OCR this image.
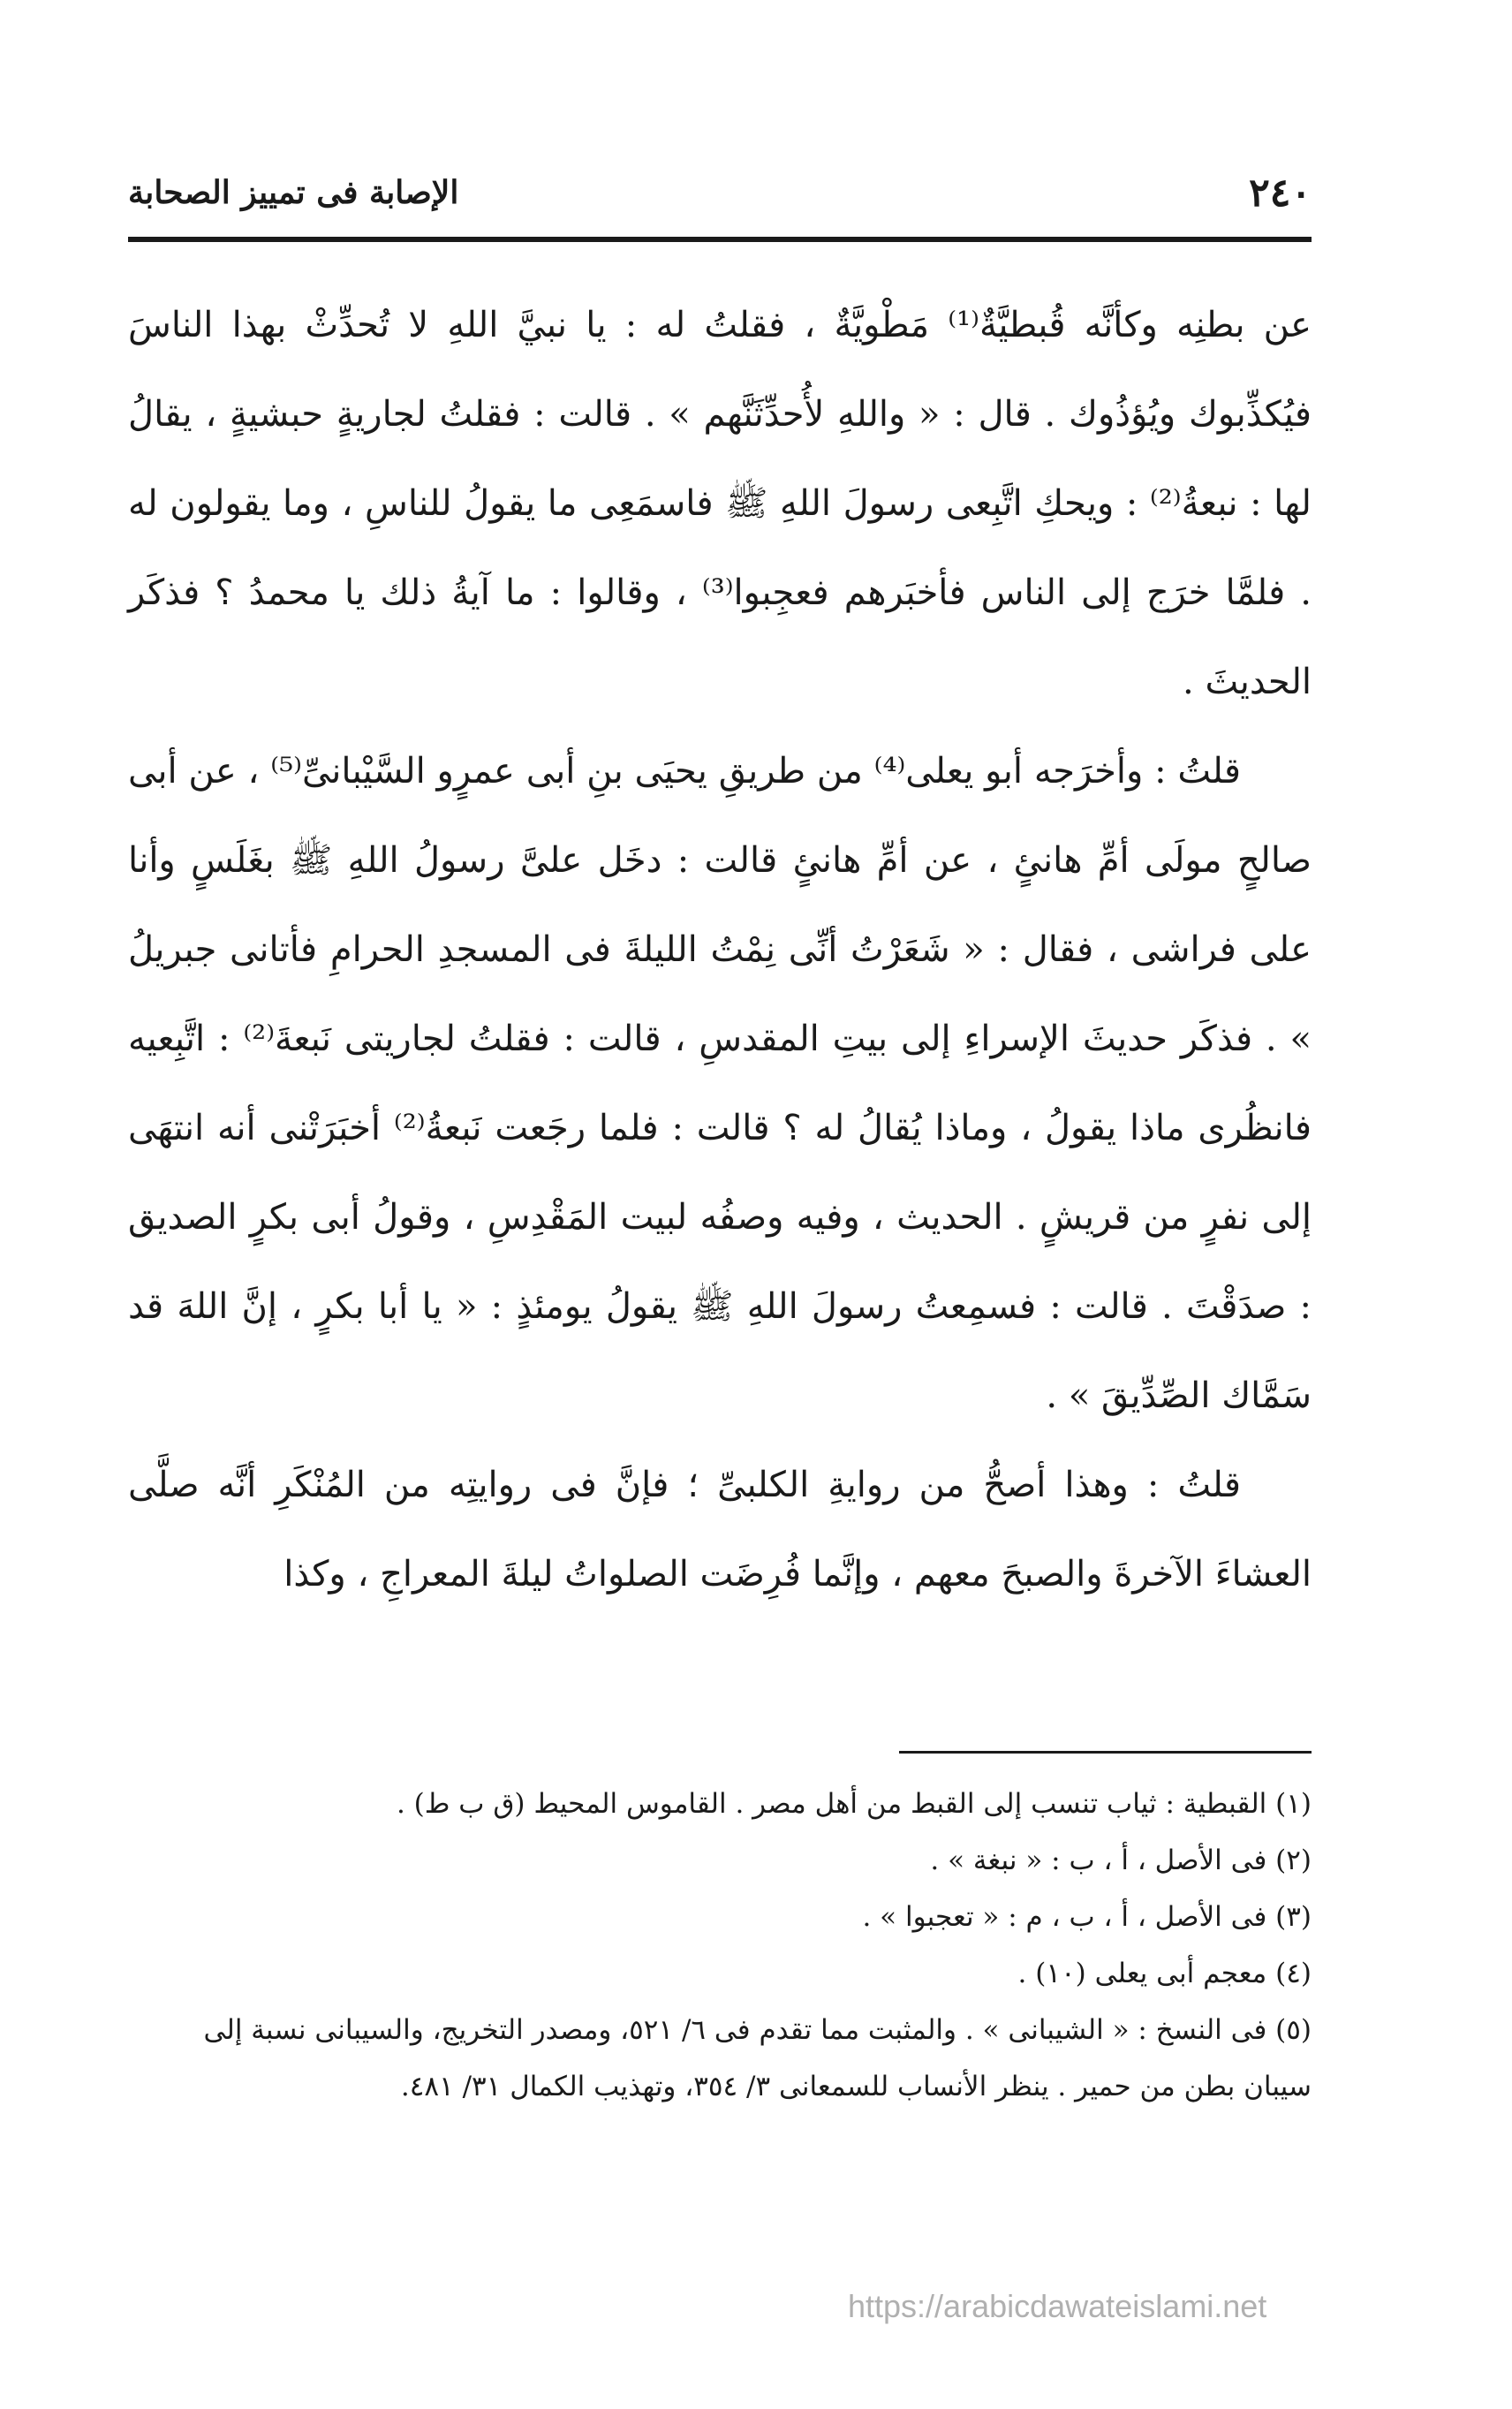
٢٤٠
الإصابة فى تمييز الصحابة

عن بطنِه وكأنَّه قُبطيَّةٌ⁽¹⁾ مَطْويَّةٌ ، فقلتُ له : يا نبيَّ اللهِ لا تُحدِّثْ بهذا الناسَ فيُكذِّبوك ويُؤذُوك . قال : « واللهِ لأُحدِّثَنَّهم » . قالت : فقلتُ لجاريةٍ حبشيةٍ ، يقالُ لها : نبعةُ⁽²⁾ : ويحكِ اتَّبِعى رسولَ اللهِ ﷺ فاسمَعِى ما يقولُ للناسِ ، وما يقولون له . فلمَّا خرَج إلى الناس فأخبَرهم فعجِبوا⁽³⁾ ، وقالوا : ما آيةُ ذلك يا محمدُ ؟ فذكَر الحديثَ .

قلتُ : وأخرَجه أبو يعلى⁽⁴⁾ من طريقِ يحيَى بنِ أبى عمرٍو السَّيْبانىِّ⁽⁵⁾ ، عن أبى صالحٍ مولَى أمِّ هانئٍ ، عن أمِّ هانئٍ قالت : دخَل علىَّ رسولُ اللهِ ﷺ بغَلَسٍ وأنا على فراشى ، فقال : « شَعَرْتُ أنِّى نِمْتُ الليلةَ فى المسجدِ الحرامِ فأتانى جبريلُ » . فذكَر حديثَ الإسراءِ إلى بيتِ المقدسِ ، قالت : فقلتُ لجاريتى نَبعةَ⁽²⁾ : اتَّبِعيه فانظُرى ماذا يقولُ ، وماذا يُقالُ له ؟ قالت : فلما رجَعت نَبعةُ⁽²⁾ أخبَرَتْنى أنه انتهَى إلى نفرٍ من قريشٍ . الحديث ، وفيه وصفُه لبيت المَقْدِسِ ، وقولُ أبى بكرٍ الصديق : صدَقْتَ . قالت : فسمِعتُ رسولَ اللهِ ﷺ يقولُ يومئذٍ : « يا أبا بكرٍ ، إنَّ اللهَ قد سَمَّاك الصِّدِّيقَ » .

قلتُ : وهذا أصحُّ من روايةِ الكلبىِّ ؛ فإنَّ فى روايتِه من المُنْكَرِ أنَّه صلَّى العشاءَ الآخرةَ والصبحَ معهم ، وإنَّما فُرِضَت الصلواتُ ليلةَ المعراجِ ، وكذا

(١) القبطية : ثياب تنسب إلى القبط من أهل مصر . القاموس المحيط (ق ب ط) .

(٢) فى الأصل ، أ ، ب : « نبغة » .

(٣) فى الأصل ، أ ، ب ، م : « تعجبوا » .

(٤) معجم أبى يعلى (١٠) .

(٥) فى النسخ : « الشيبانى » . والمثبت مما تقدم فى ٦/ ٥٢١، ومصدر التخريج، والسيبانى نسبة إلى سيبان بطن من حمير . ينظر الأنساب للسمعانى ٣/ ٣٥٤، وتهذيب الكمال ٣١/ ٤٨١.

https://arabicdawateislami.net
